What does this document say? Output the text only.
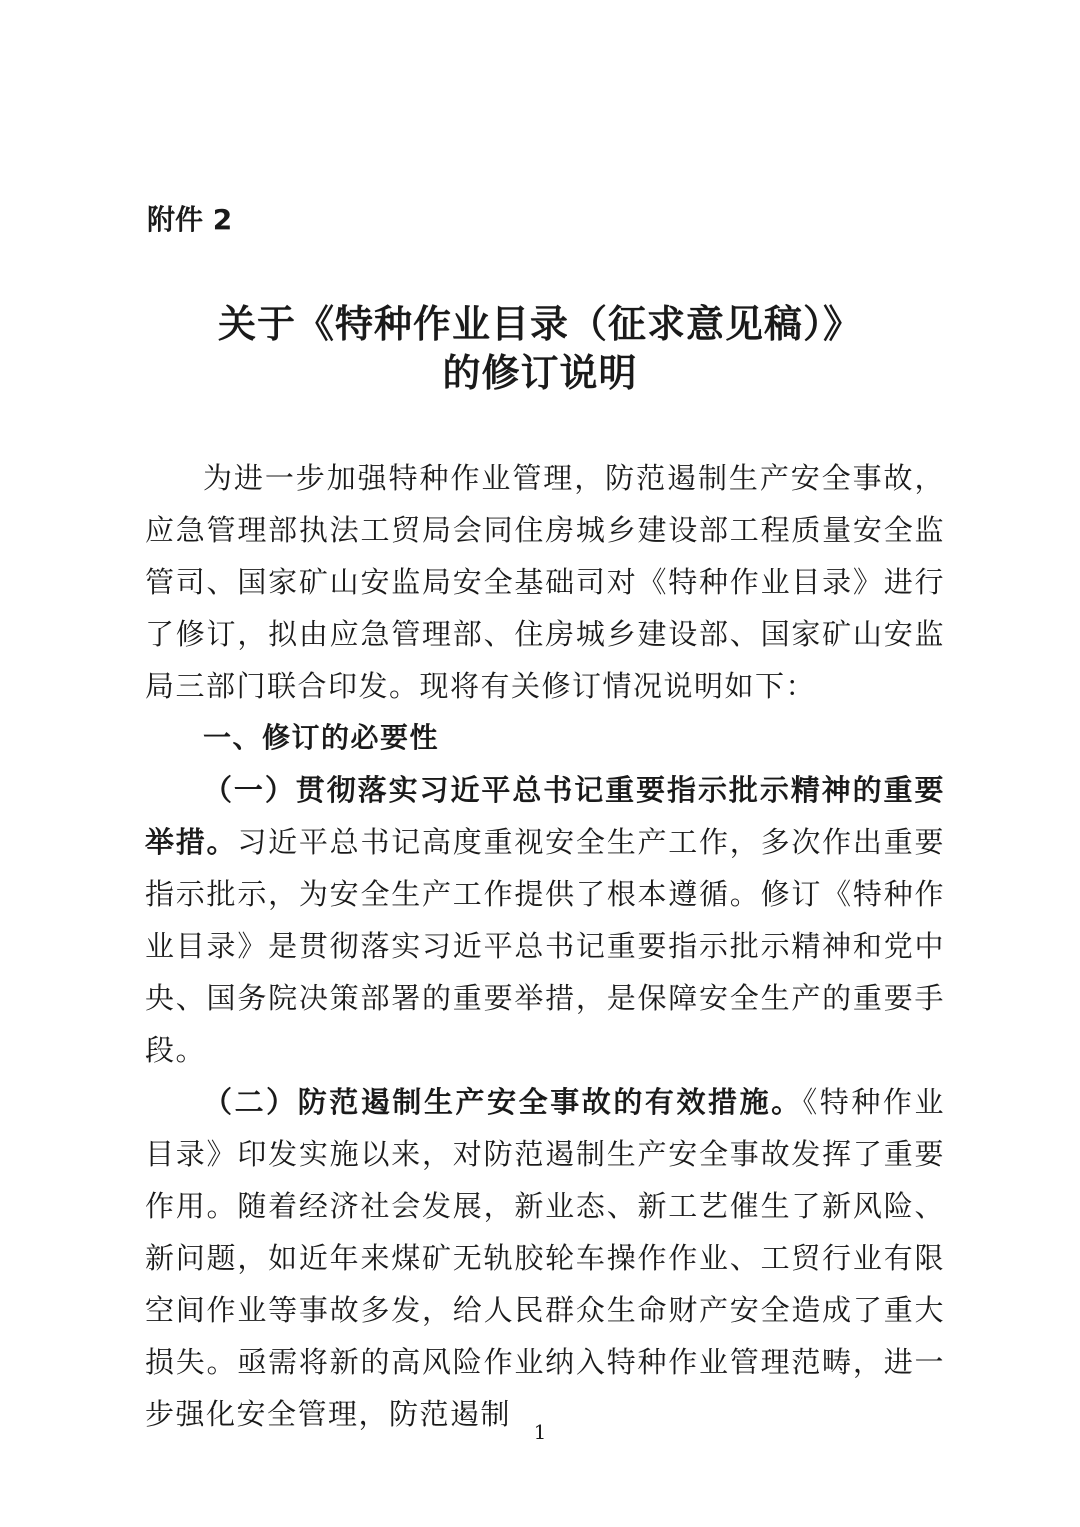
附件 2
关于《特种作业目录（征求意见稿）》
的修订说明

为进一步加强特种作业管理，防范遏制生产安全事故，应急管理部执法工贸局会同住房城乡建设部工程质量安全监管司、国家矿山安监局安全基础司对《特种作业目录》进行了修订，拟由应急管理部、住房城乡建设部、国家矿山安监局三部门联合印发。现将有关修订情况说明如下：

一、修订的必要性

（一）贯彻落实习近平总书记重要指示批示精神的重要举措。习近平总书记高度重视安全生产工作，多次作出重要指示批示，为安全生产工作提供了根本遵循。修订《特种作业目录》是贯彻落实习近平总书记重要指示批示精神和党中央、国务院决策部署的重要举措，是保障安全生产的重要手段。

（二）防范遏制生产安全事故的有效措施。《特种作业目录》印发实施以来，对防范遏制生产安全事故发挥了重要作用。随着经济社会发展，新业态、新工艺催生了新风险、新问题，如近年来煤矿无轨胶轮车操作作业、工贸行业有限空间作业等事故多发，给人民群众生命财产安全造成了重大损失。亟需将新的高风险作业纳入特种作业管理范畴，进一步强化安全管理，防范遏制

1
